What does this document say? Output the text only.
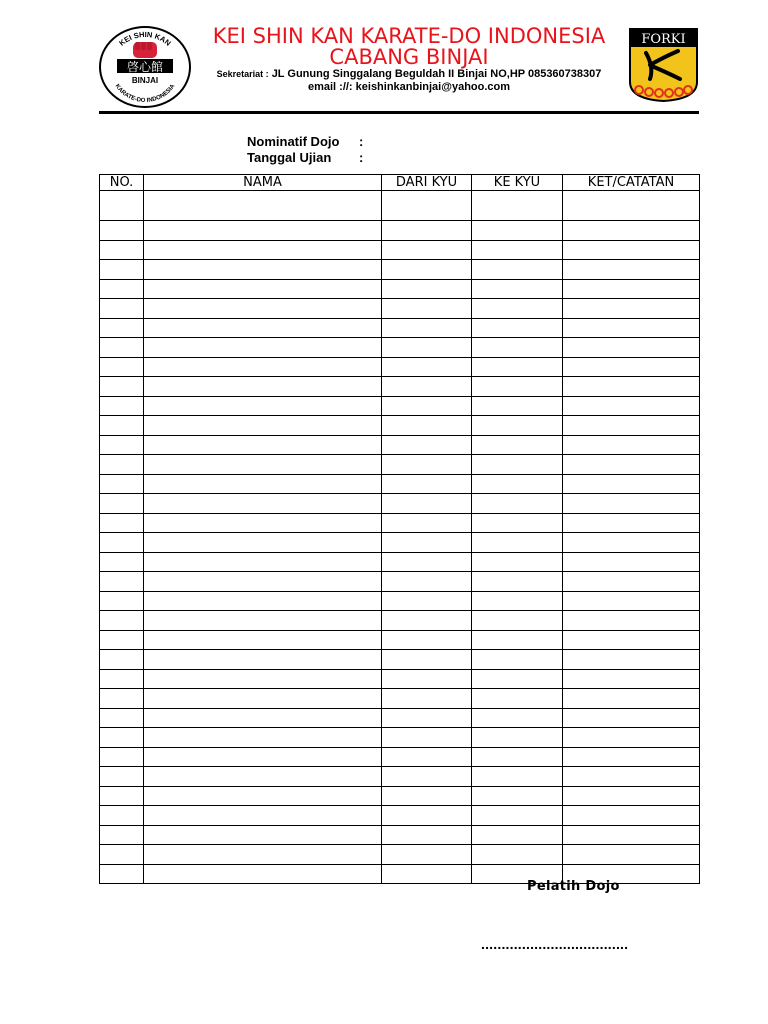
KEI SHIN KAN
啓心館
BINJAI
KARATE-DO INDONESIA
KEI SHIN KAN KARATE-DO INDONESIA
CABANG BINJAI
Sekretariat : JL Gunung Singgalang Beguldah II Binjai NO,HP 085360738307
email ://: keishinkanbinjai@yahoo.com
FORKI
Nominatif Dojo :
Tanggal Ujian :
NO.	NAMA	DARI KYU	KE KYU	KET/CATATAN

Pelatih Dojo
....................................
